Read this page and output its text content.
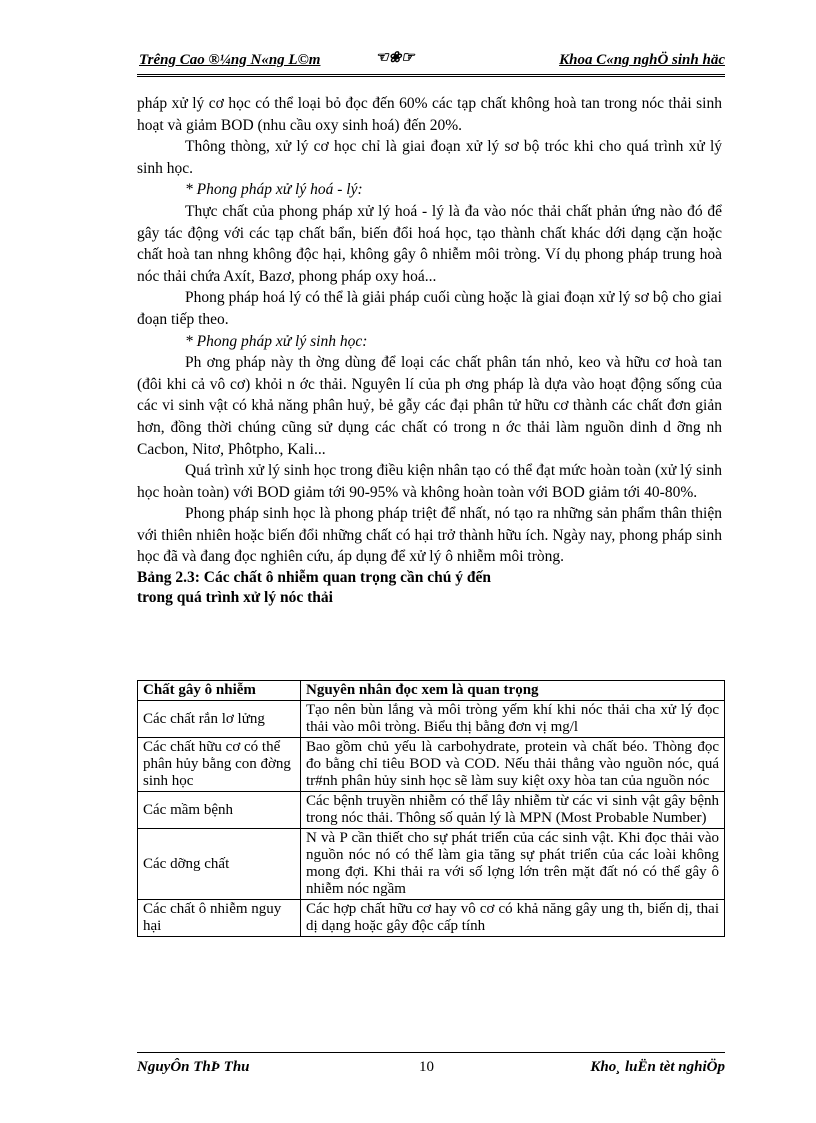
Trêng Cao ®¼ng N«ng L©m	☜❀☞	Khoa C«ng nghÖ sinh häc

pháp xử lý cơ học có thể loại bỏ đọc đến 60% các tạp chất không hoà tan trong nóc thải sinh hoạt và giảm BOD (nhu cầu oxy sinh hoá) đến 20%.

Thông thòng, xử lý cơ học chỉ là giai đoạn xử lý sơ bộ tróc khi cho quá trình xử lý sinh học.

* Phong pháp xử lý hoá - lý:

Thực chất của phong pháp xử lý hoá - lý là đa vào nóc thải chất phản ứng nào đó để gây tác động với các tạp chất bẩn, biến đổi hoá học, tạo thành chất khác dới dạng cặn hoặc chất hoà tan nhng không độc hại, không gây ô nhiễm môi tròng. Ví dụ phong pháp trung hoà nóc thải chứa Axít, Bazơ, phong pháp oxy hoá...

Phong pháp hoá lý có thể là giải pháp cuối cùng hoặc là giai đoạn xử lý sơ bộ cho giai đoạn tiếp theo.

* Phong pháp xử lý sinh học:

Ph ơng pháp này th ờng dùng để loại các chất phân tán nhỏ, keo và hữu cơ hoà tan (đôi khi cả vô cơ) khỏi n ớc thải. Nguyên lí của ph ơng pháp là dựa vào hoạt động sống của các vi sinh vật có khả năng phân huỷ, bẻ gẫy các đại phân tử hữu cơ thành các chất đơn giản hơn, đồng thời chúng cũng sử dụng các chất có trong n ớc thải làm nguồn dinh d ỡng nh Cacbon, Nitơ, Phôtpho, Kali...

Quá trình xử lý sinh học trong điều kiện nhân tạo có thể đạt mức hoàn toàn (xử lý sinh học hoàn toàn) với BOD giảm tới 90-95% và không hoàn toàn với BOD giảm tới 40-80%.

Phong pháp sinh học là phong pháp triệt để nhất, nó tạo ra những sản phẩm thân thiện với thiên nhiên hoặc biến đổi những chất có hại trở thành hữu ích. Ngày nay, phong pháp sinh học đã và đang đọc nghiên cứu, áp dụng để xử lý ô nhiễm môi tròng.

Bảng 2.3: Các chất ô nhiễm quan trọng cần chú ý đến

trong quá trình xử lý nóc thải

Chất gây ô nhiễm	Nguyên nhân đọc xem là quan trọng
Các chất rắn lơ lửng	Tạo nên bùn lắng và môi tròng yếm khí khi nóc thải cha xử lý đọc thải vào môi tròng. Biểu thị bằng đơn vị mg/l
Các chất hữu cơ có thể phân hủy bằng con đờng sinh học	Bao gồm chủ yếu là carbohydrate, protein và chất béo. Thòng đọc đo bằng chỉ tiêu BOD và COD. Nếu thải thẳng vào nguồn nóc, quá tr#nh phân hủy sinh học sẽ làm suy kiệt oxy hòa tan của nguồn nóc
Các mầm bệnh	Các bệnh truyền nhiễm có thể lây nhiễm từ các vi sinh vật gây bệnh trong nóc thải. Thông số quản lý là MPN (Most Probable Number)
Các dỡng chất	N và P cần thiết cho sự phát triển của các sinh vật. Khi đọc thải vào nguồn nóc nó có thể làm gia tăng sự phát triển của các loài không mong đợi. Khi thải ra với số lợng lớn trên mặt đất nó có thể gây ô nhiễm nóc ngầm
Các chất ô nhiễm nguy hại	Các hợp chất hữu cơ hay vô cơ có khả năng gây ung th, biến dị, thai dị dạng hoặc gây độc cấp tính
NguyÔn ThÞ Thu	10	Kho¸ luËn tèt nghiÖp
